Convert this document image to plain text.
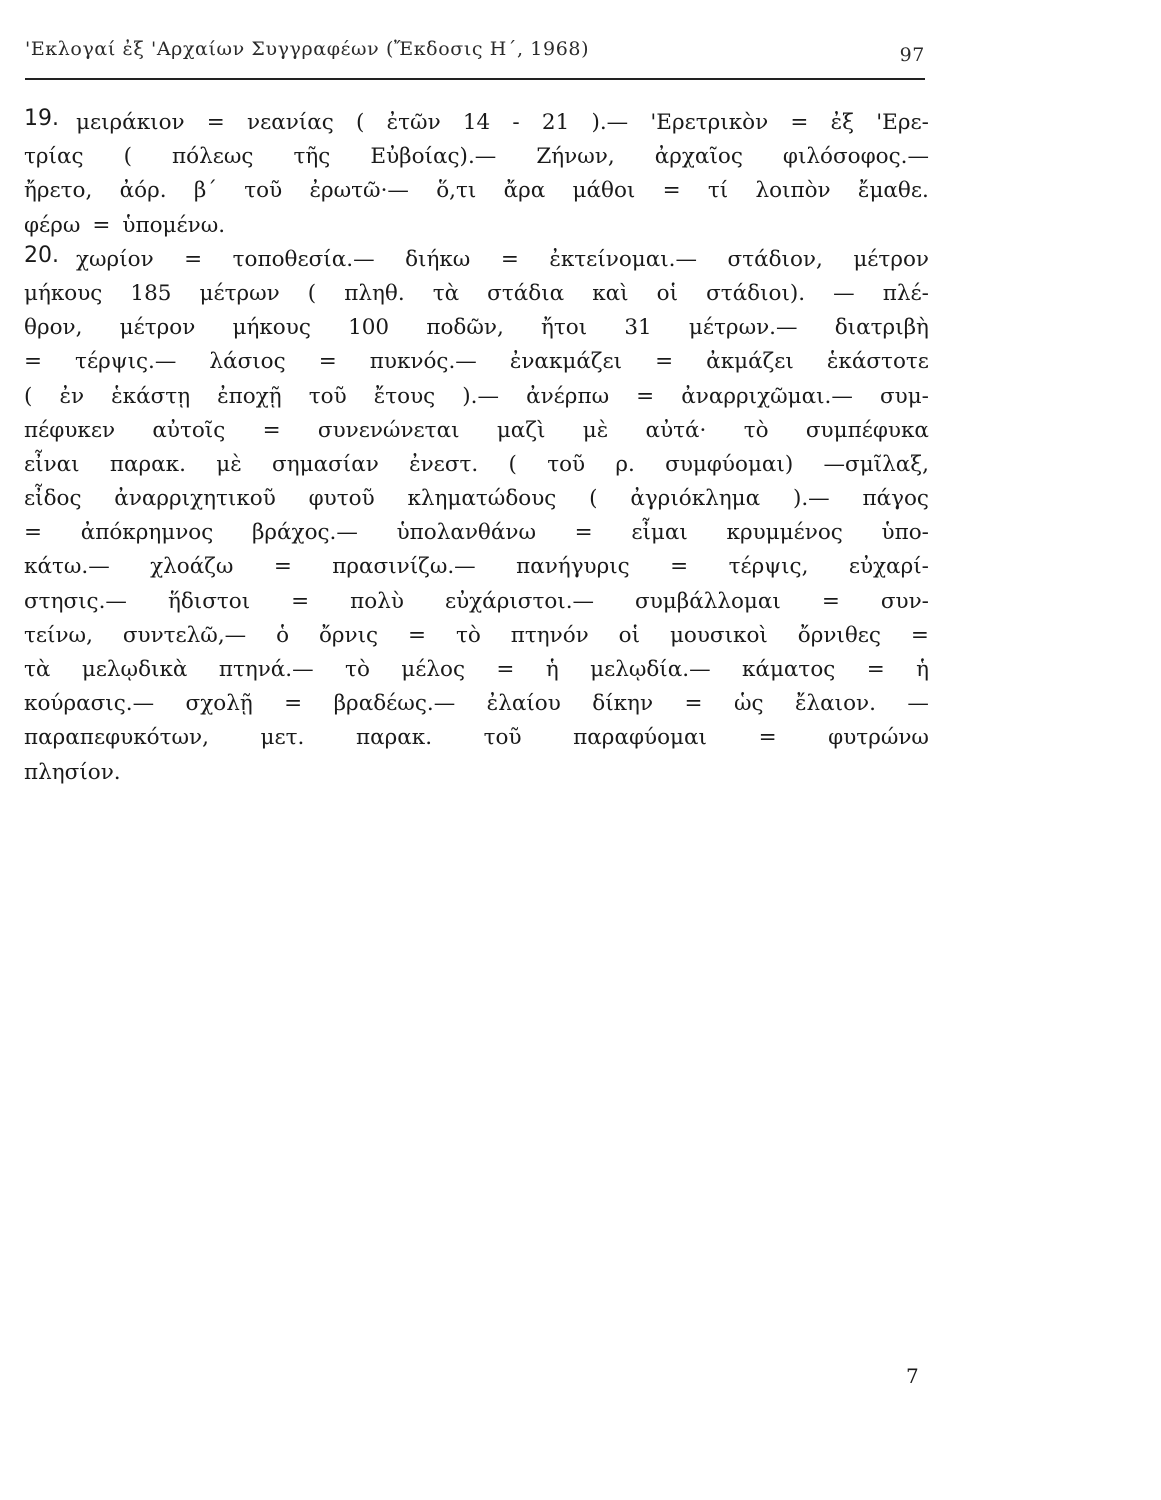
'Εκλογαί ἐξ 'Αρχαίων Συγγραφέων (Ἔκδοσις Η΄, 1968)	97
19. μειράκιον = νεανίας ( ἐτῶν 14 - 21 ).— 'Ερετρικὸν = ἐξ 'Ερε-
τρίας ( πόλεως τῆς Εὐβοίας).— Ζήνων, ἀρχαῖος φιλόσοφος.—
ἤρετο, ἀόρ. β΄ τοῦ ἐρωτῶ·— ὅ,τι ἄρα μάθοι = τί λοιπὸν ἔμαθε.
φέρω = ὑπομένω.
20. χωρίον = τοποθεσία.— διήκω = ἐκτείνομαι.— στάδιον, μέτρον
μήκους 185 μέτρων ( πληθ. τὰ στάδια καὶ οἱ στάδιοι). — πλέ-
θρον, μέτρον μήκους 100 ποδῶν, ἤτοι 31 μέτρων.— διατριβὴ
= τέρψις.— λάσιος = πυκνός.— ἐνακμάζει = ἀκμάζει ἑκάστοτε
( ἐν ἑκάστῃ ἐποχῇ τοῦ ἔτους ).— ἀνέρπω = ἀναρριχῶμαι.— συμ-
πέφυκεν αὐτοῖς = συνενώνεται μαζὶ μὲ αὐτά· τὸ συμπέφυκα
εἶναι παρακ. μὲ σημασίαν ἐνεστ. ( τοῦ ρ. συμφύομαι) —σμῖλαξ,
εἶδος ἀναρριχητικοῦ φυτοῦ κληματώδους ( ἀγριόκλημα ).— πάγος
= ἀπόκρημνος βράχος.— ὑπολανθάνω = εἶμαι κρυμμένος ὑπο-
κάτω.— χλοάζω = πρασινίζω.— πανήγυρις = τέρψις, εὐχαρί-
στησις.— ἥδιστοι = πολὺ εὐχάριστοι.— συμβάλλομαι = συν-
τείνω, συντελῶ,— ὁ ὄρνις = τὸ πτηνόν οἱ μουσικοὶ ὄρνιθες =
τὰ μελῳδικὰ πτηνά.— τὸ μέλος = ἡ μελῳδία.— κάματος = ἡ
κούρασις.— σχολῇ = βραδέως.— ἐλαίου δίκην = ὡς ἔλαιον. —
παραπεφυκότων, μετ. παρακ. τοῦ παραφύομαι = φυτρώνω
πλησίον.
7
